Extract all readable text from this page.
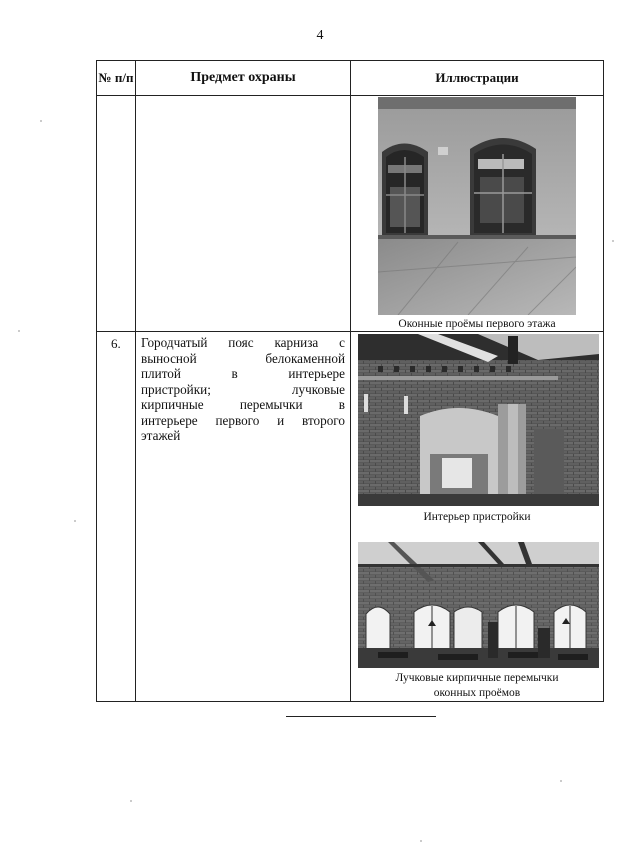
4
№ п/п	Предмет охраны	Иллюстрации
Оконные проёмы первого этажа
6. Городчатый пояс карниза с
выносной белокаменной
плитой в интерьере
пристройки; лучковые
кирпичные перемычки в
интерьере первого и второго
этажей
Интерьер пристройки
Лучковые кирпичные перемычки
оконных проёмов
